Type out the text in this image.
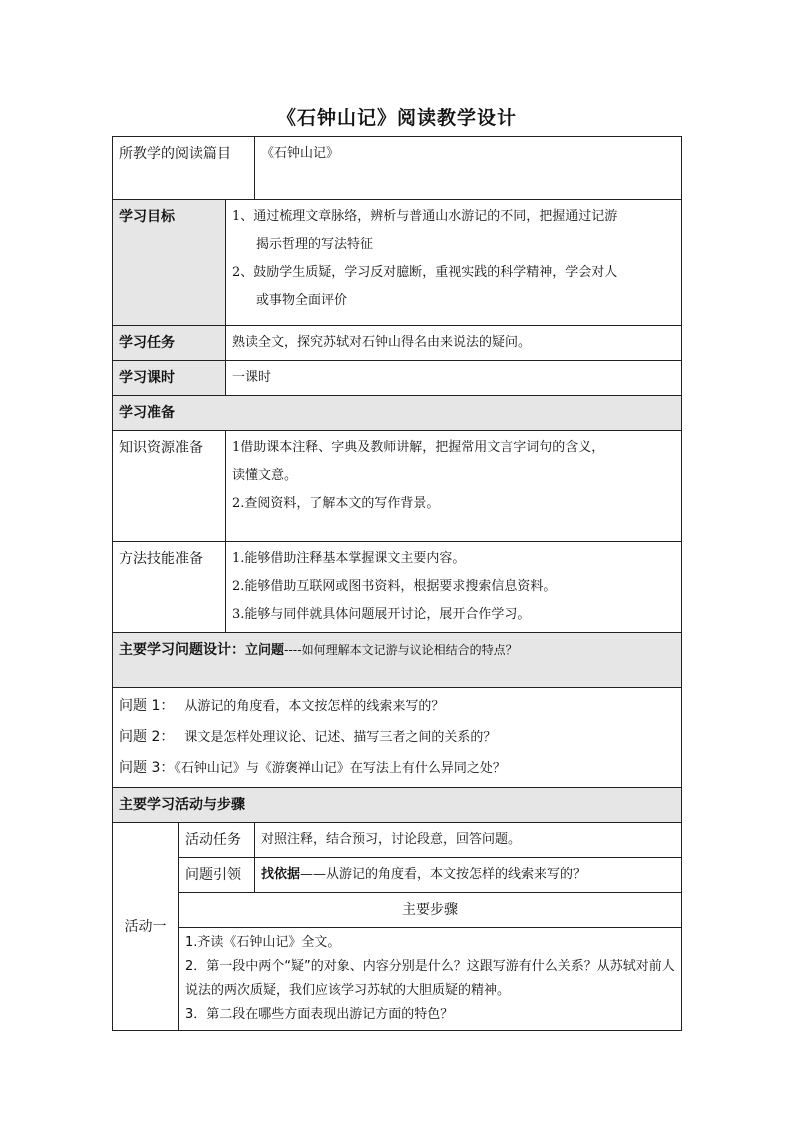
《石钟山记》阅读教学设计
所教学的阅读篇目			《石钟山记》
学习目标		1、通过梳理文章脉络，辨析与普通山水游记的不同，把握通过记游
揭示哲理的写法特征
2、鼓励学生质疑，学习反对臆断，重视实践的科学精神，学会对人
或事物全面评价	

学习任务		熟读全文，探究苏轼对石钟山得名由来说法的疑问。	
学习课时		一课时	
学习准备			
知识资源准备		1借助课本注释、字典及教师讲解，把握常用文言字词句的含义，
读懂文意。
2.查阅资料，了解本文的写作背景。	

方法技能准备		1.能够借助注释基本掌握课文主要内容。
2.能够借助互联网或图书资料，根据要求搜索信息资料。
3.能够与同伴就具体问题展开讨论，展开合作学习。	

主要学习问题设计：立问题----如何理解本文记游与议论相结合的特点？			

问题 1： 从游记的角度看，本文按怎样的线索来写的？
问题 2： 课文是怎样处理议论、记述、描写三者之间的关系的？
问题 3：《石钟山记》与《游褒禅山记》在写法上有什么异同之处？			

主要学习活动与步骤			
活动一	活动任务		对照注释，结合预习，讨论段意，回答问题。
	问题引领		找依据——从游记的角度看，本文按怎样的线索来写的？
	主要步骤		

	1.齐读《石钟山记》全文。
2．第一段中两个“疑”的对象、内容分别是什么？这跟写游有什么关系？从苏轼对前人说法的两次质疑，我们应该学习苏轼的大胆质疑的精神。
3．第二段在哪些方面表现出游记方面的特色？		
